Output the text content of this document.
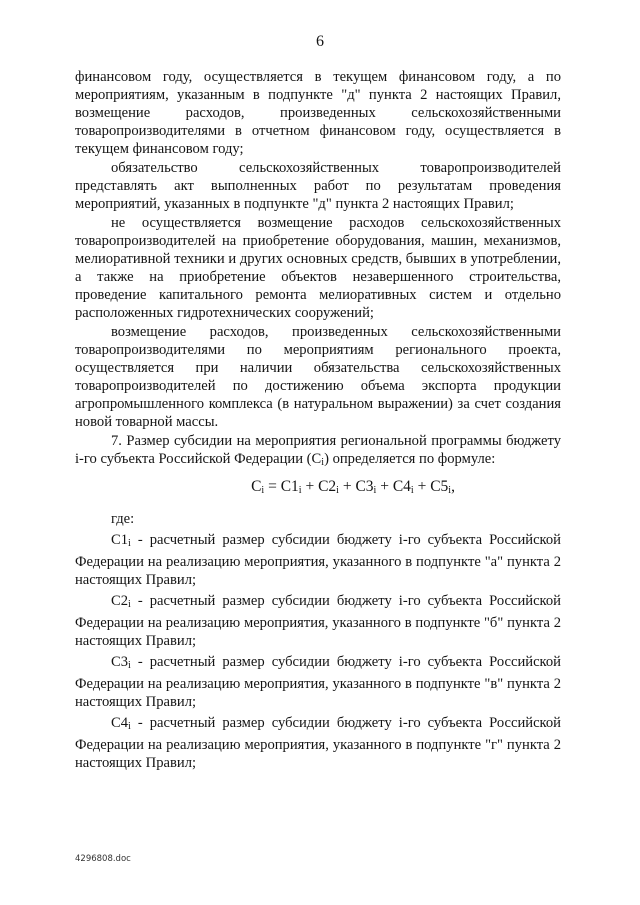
6

финансовом году, осуществляется в текущем финансовом году, а по мероприятиям, указанным в подпункте "д" пункта 2 настоящих Правил, возмещение расходов, произведенных сельскохозяйственными товаропроизводителями в отчетном финансовом году, осуществляется в текущем финансовом году;

обязательство сельскохозяйственных товаропроизводителей представлять акт выполненных работ по результатам проведения мероприятий, указанных в подпункте "д" пункта 2 настоящих Правил;

не осуществляется возмещение расходов сельскохозяйственных товаропроизводителей на приобретение оборудования, машин, механизмов, мелиоративной техники и других основных средств, бывших в употреблении, а также на приобретение объектов незавершенного строительства, проведение капитального ремонта мелиоративных систем и отдельно расположенных гидротехнических сооружений;

возмещение расходов, произведенных сельскохозяйственными товаропроизводителями по мероприятиям регионального проекта, осуществляется при наличии обязательства сельскохозяйственных товаропроизводителей по достижению объема экспорта продукции агропромышленного комплекса (в натуральном выражении) за счет создания новой товарной массы.

7. Размер субсидии на мероприятия региональной программы бюджету i-го субъекта Российской Федерации $(C_i)$ определяется по формуле:

$C_i = C1_i + C2_i + C3_i + C4_i + C5_i$,

где:

$C1_i$ - расчетный размер субсидии бюджету i-го субъекта Российской Федерации на реализацию мероприятия, указанного в подпункте "а" пункта 2 настоящих Правил;

$C2_i$ - расчетный размер субсидии бюджету i-го субъекта Российской Федерации на реализацию мероприятия, указанного в подпункте "б" пункта 2 настоящих Правил;

$C3_i$ - расчетный размер субсидии бюджету i-го субъекта Российской Федерации на реализацию мероприятия, указанного в подпункте "в" пункта 2 настоящих Правил;

$C4_i$ - расчетный размер субсидии бюджету i-го субъекта Российской Федерации на реализацию мероприятия, указанного в подпункте "г" пункта 2 настоящих Правил;

4296808.doc
